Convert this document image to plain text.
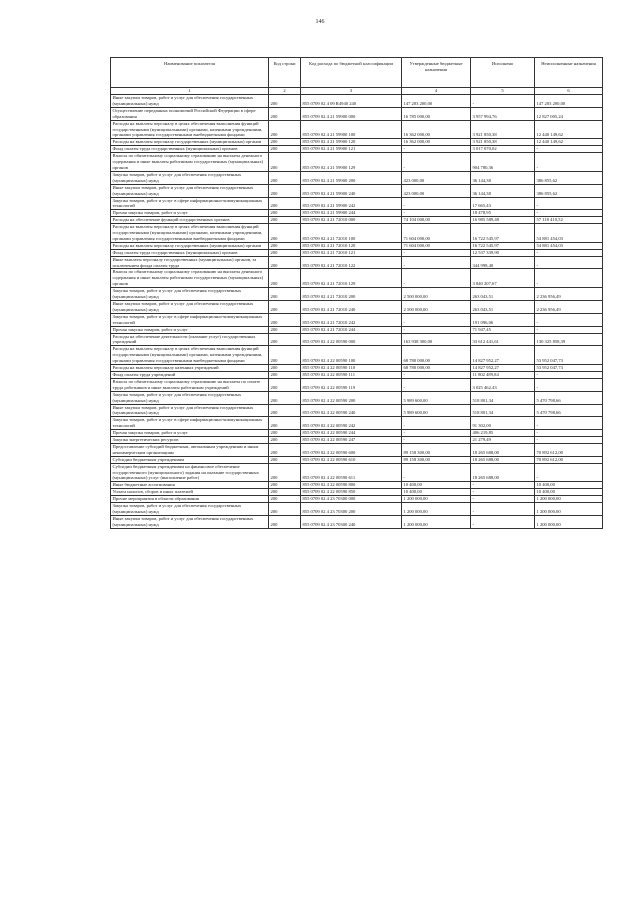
146
Наименование показателя	Код строки	Код расхода по бюджетной классификации	Утвержденные бюджетные назначения	Исполнено	Неисполненные назначения
1	2	3	4	5	6
Иные закупки товаров, работ и услуг для обеспечения государственных (муниципальных) нужд	200	855 0709 02 4 09 R4940 240	147 203 200,00	-	147 203 200,00
Осуществление переданных полномочий Российской Федерации в сфере образования	200	855 0709 02 4 21 59900 000	16 785 000,00	3 957 994,76	12 827 005,24
Расходы на выплаты персоналу в целях обеспечения выполнения функций государственными (муниципальными) органами, казенными учреждениями, органами управления государственными внебюджетными фондами	200	855 0709 02 4 21 59900 100	16 362 000,00	3 921 850,38	12 440 149,62
Расходы на выплаты персоналу государственных (муниципальных) органов	200	855 0709 02 4 21 59900 120	16 362 000,00	3 921 850,38	12 440 149,62
Фонд оплаты труда государственных (муниципальных) органов	200	855 0709 02 4 21 59900 121	-	3 017 070,02	-
Взносы по обязательному социальному страхованию на выплаты денежного содержания и иные выплаты работникам государственных (муниципальных) органов	200	855 0709 02 4 21 59900 129	-	904 780,36	-
Закупка товаров, работ и услуг для обеспечения государственных (муниципальных) нужд	200	855 0709 02 4 21 59900 200	423 000,00	36 144,38	386 855,62
Иные закупки товаров, работ и услуг для обеспечения государственных (муниципальных) нужд	200	855 0709 02 4 21 59900 240	423 000,00	36 144,38	386 855,62
Закупка товаров, работ и услуг в сфере информационно-коммуникационных технологий	200	855 0709 02 4 21 59900 242	-	17 665,43	-
Прочая закупка товаров, работ и услуг	200	855 0709 02 4 21 59900 244	-	18 478,95	-
Расходы на обеспечение функций государственных органов	200	855 0709 02 4 21 72010 000	74 104 000,00	16 985 589,48	57 118 410,52
Расходы на выплаты персоналу в целях обеспечения выполнения функций государственными (муниципальными) органами, казенными учреждениями, органами управления государственными внебюджетными фондами	200	855 0709 02 4 21 72010 100	71 604 000,00	16 722 545,97	54 881 454,03
Расходы на выплаты персоналу государственных (муниципальных) органов	200	855 0709 02 4 21 72010 120	71 604 000,00	16 722 545,97	54 881 454,03
Фонд оплаты труда государственных (муниципальных) органов	200	855 0709 02 4 21 72010 121	-	12 537 339,90	-
Иные выплаты персоналу государственных (муниципальных) органов, за исключением фонда оплаты труда	200	855 0709 02 4 21 72010 122	-	344 998,40	-
Взносы по обязательному социальному страхованию на выплаты денежного содержания и иные выплаты работникам государственных (муниципальных) органов	200	855 0709 02 4 21 72010 129	-	3 840 207,67	-
Закупка товаров, работ и услуг для обеспечения государственных (муниципальных) нужд	200	855 0709 02 4 21 72010 200	2 500 000,00	263 043,51	2 236 956,49
Иные закупки товаров, работ и услуг для обеспечения государственных (муниципальных) нужд	200	855 0709 02 4 21 72010 240	2 500 000,00	263 043,51	2 236 956,49
Закупка товаров, работ и услуг в сфере информационно-коммуникационных технологий	200	855 0709 02 4 21 72010 242	-	191 096,06	-
Прочая закупка товаров, работ и услуг	200	855 0709 02 4 21 72010 244	-	71 947,45	-
Расходы на обеспечение деятельности (оказание услуг) государственных учреждений	200	855 0709 02 4 22 00590 000	163 938 300,00	33 612 441,61	130 325 858,39
Расходы на выплаты персоналу в целях обеспечения выполнения функций государственными (муниципальными) органами, казенными учреждениями, органами управления государственными внебюджетными фондами	200	855 0709 02 4 22 00590 100	68 780 000,00	14 827 952,27	53 952 047,73
Расходы на выплаты персоналу казенных учреждений	200	855 0709 02 4 22 00590 110	68 780 000,00	14 827 952,27	53 952 047,73
Фонд оплаты труда учреждений	200	855 0709 02 4 22 00590 111	-	11 802 489,84	-
Взносы по обязательному социальному страхованию на выплаты по оплате труда работников и иные выплаты работникам учреждений	200	855 0709 02 4 22 00590 119	-	3 025 462,43	-
Закупка товаров, работ и услуг для обеспечения государственных (муниципальных) нужд	200	855 0709 02 4 22 00590 200	5 989 600,00	518 801,34	5 470 798,66
Иные закупки товаров, работ и услуг для обеспечения государственных (муниципальных) нужд	200	855 0709 02 4 22 00590 240	5 989 600,00	518 801,34	5 470 798,66
Закупка товаров, работ и услуг в сфере информационно-коммуникационных технологий	200	855 0709 02 4 22 00590 242	-	91 302,00	-
Прочая закупка товаров, работ и услуг	200	855 0709 02 4 22 00590 244	-	406 219,85	-
Закупка энергетических ресурсов	200	855 0709 02 4 22 00590 247	-	21 279,49	-
Предоставление субсидий бюджетным, автономным учреждениям и иным некоммерческим организациям	200	855 0709 02 4 22 00590 600	89 158 300,00	18 265 688,00	70 892 612,00
Субсидии бюджетным учреждениям	200	855 0709 02 4 22 00590 610	89 158 300,00	18 265 688,00	70 892 612,00
Субсидии бюджетным учреждениям на финансовое обеспечение государственного (муниципального) задания на оказание государственных (муниципальных) услуг (выполнение работ)	200	855 0709 02 4 22 00590 611	-	18 265 688,00	-
Иные бюджетные ассигнования	200	855 0709 02 4 22 00590 800	10 400,00	-	10 400,00
Уплата налогов, сборов и иных платежей	200	855 0709 02 4 22 00590 850	10 400,00	-	10 400,00
Прочие мероприятия в области образования	200	855 0709 02 4 23 70300 000	1 200 000,00	-	1 200 000,00
Закупка товаров, работ и услуг для обеспечения государственных (муниципальных) нужд	200	855 0709 02 4 23 70300 200	1 200 000,00	-	1 200 000,00
Иные закупки товаров, работ и услуг для обеспечения государственных (муниципальных) нужд	200	855 0709 02 4 23 70300 240	1 200 000,00	-	1 200 000,00
